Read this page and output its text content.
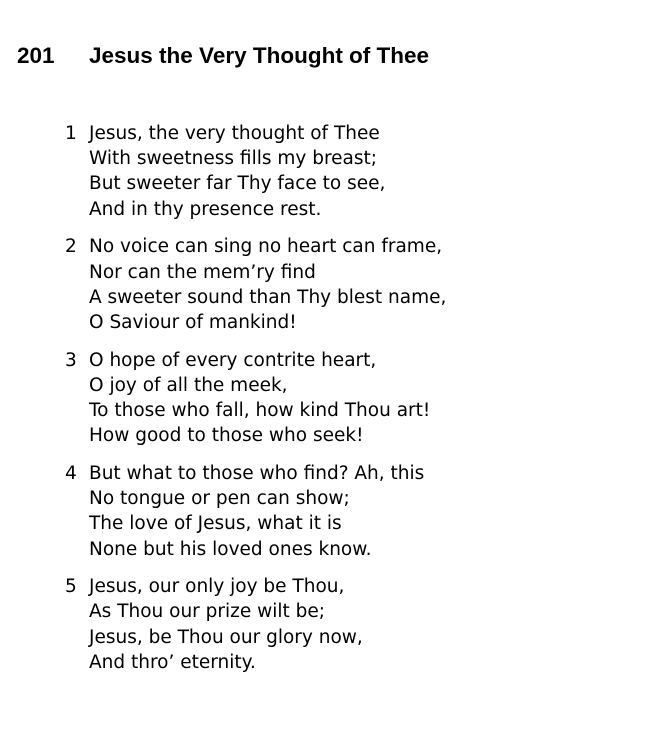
201 Jesus the Very Thought of Thee
1 Jesus, the very thought of Thee
With sweetness fills my breast;
But sweeter far Thy face to see,
And in thy presence rest.
2 No voice can sing no heart can frame,
Nor can the mem’ry find
A sweeter sound than Thy blest name,
O Saviour of mankind!
3 O hope of every contrite heart,
O joy of all the meek,
To those who fall, how kind Thou art!
How good to those who seek!
4 But what to those who find? Ah, this
No tongue or pen can show;
The love of Jesus, what it is
None but his loved ones know.
5 Jesus, our only joy be Thou,
As Thou our prize wilt be;
Jesus, be Thou our glory now,
And thro’ eternity.
